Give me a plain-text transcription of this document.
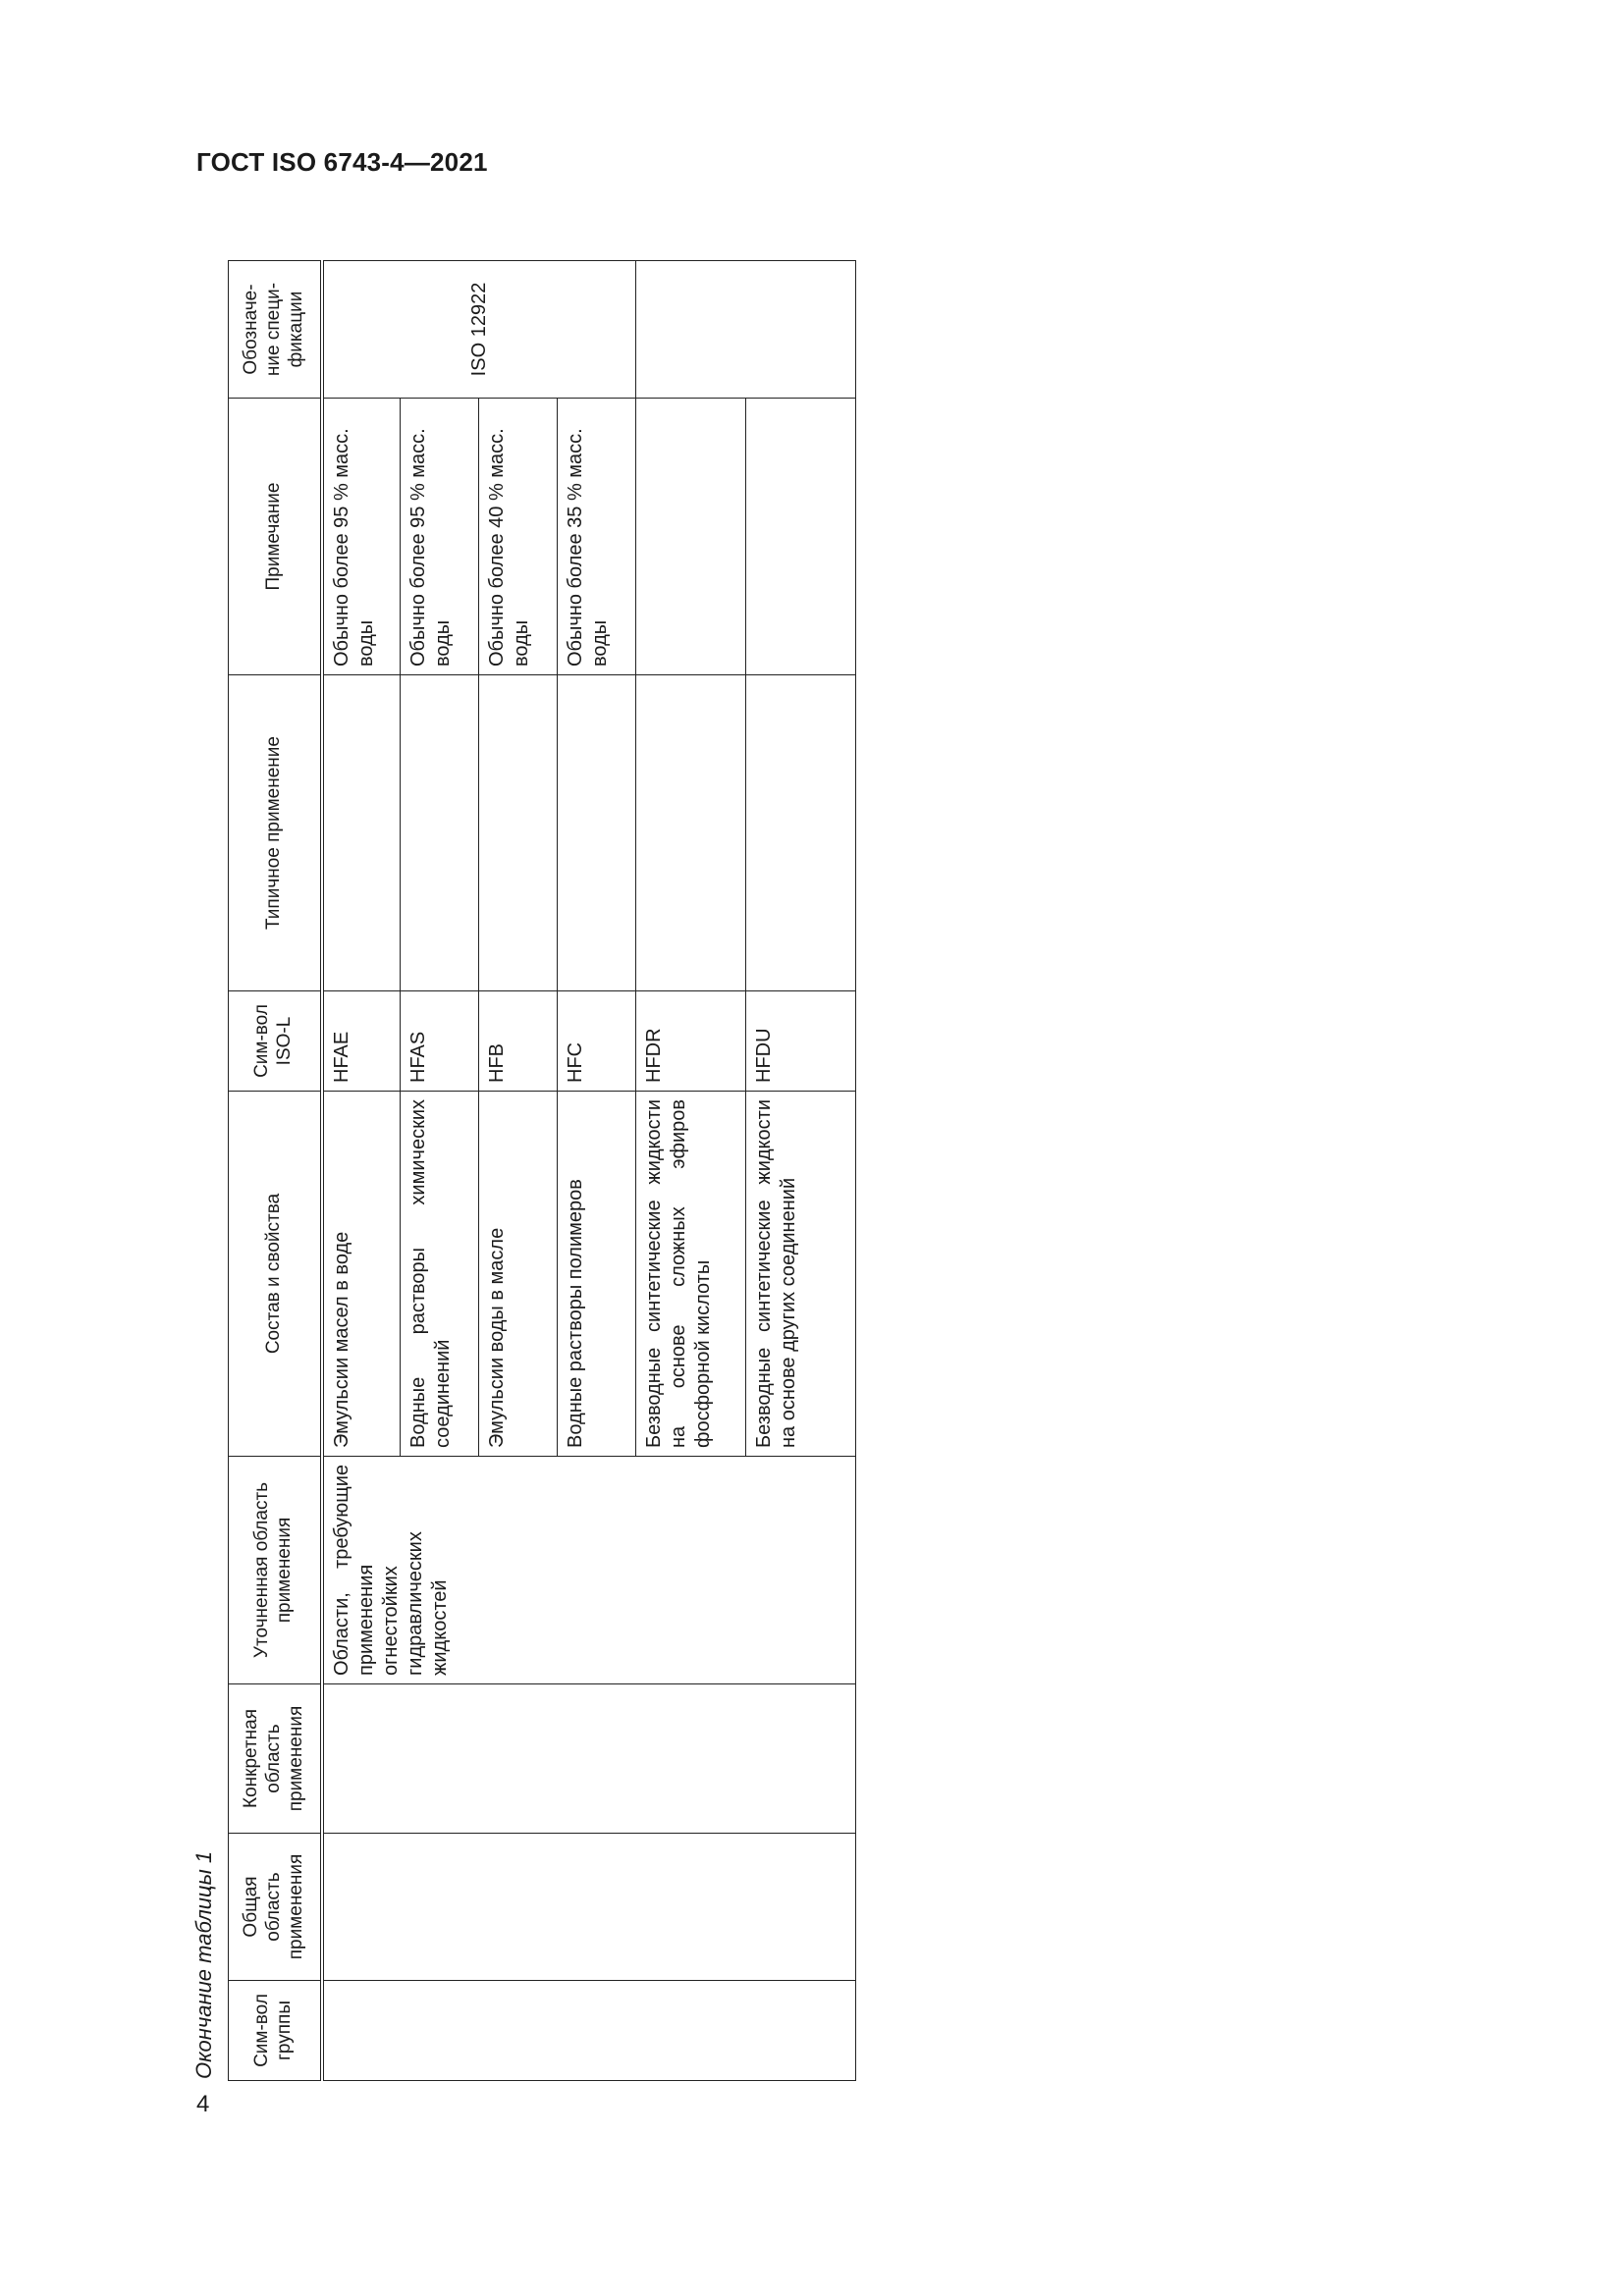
ГОСТ ISO 6743-4—2021
Окончание таблицы 1 Сим-вол группы	Общая область применения	Конкретная область применения	Уточненная область применения	Состав и свойства	Сим-вол ISO-L	Типичное применение	Примечание	Обозначе-ние специ-фикации
			Области, требующие применения огнестойких гидравлических жидкостей	Эмульсии масел в воде	HFAE		Обычно более 95 % масс. воды	ISO 12922

				Водные растворы химических соединений	HFAS		Обычно более 95 % масс. воды	
				Эмульсии воды в масле	HFB		Обычно более 40 % масс. воды	
				Водные растворы полимеров	HFC		Обычно более 35 % масс. воды	
				Безводные синтетические жидкости на основе сложных эфиров фосфорной кислоты	HFDR			
				Безводные синтетические жидкости на основе других соединений	HFDU			
4
